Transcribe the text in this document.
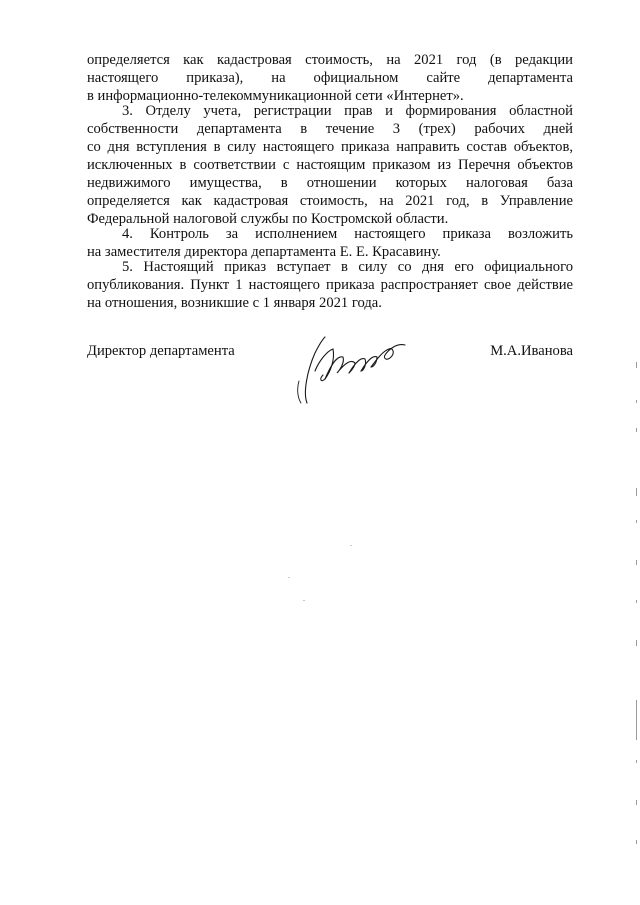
определяется как кадастровая стоимость, на 2021 год (в редакции
настоящего приказа), на официальном сайте департамента
в информационно-телекоммуникационной сети «Интернет».
3. Отделу учета, регистрации прав и формирования областной
собственности департамента в течение 3 (трех) рабочих дней
со дня вступления в силу настоящего приказа направить состав объектов,
исключенных в соответствии с настоящим приказом из Перечня объектов
недвижимого имущества, в отношении которых налоговая база
определяется как кадастровая стоимость, на 2021 год, в Управление
Федеральной налоговой службы по Костромской области.
4. Контроль за исполнением настоящего приказа возложить
на заместителя директора департамента Е. Е. Красавину.
5. Настоящий приказ вступает в силу со дня его официального
опубликования. Пункт 1 настоящего приказа распространяет свое действие
на отношения, возникшие с 1 января 2021 года.
Директор департамента	М.А.Иванова
